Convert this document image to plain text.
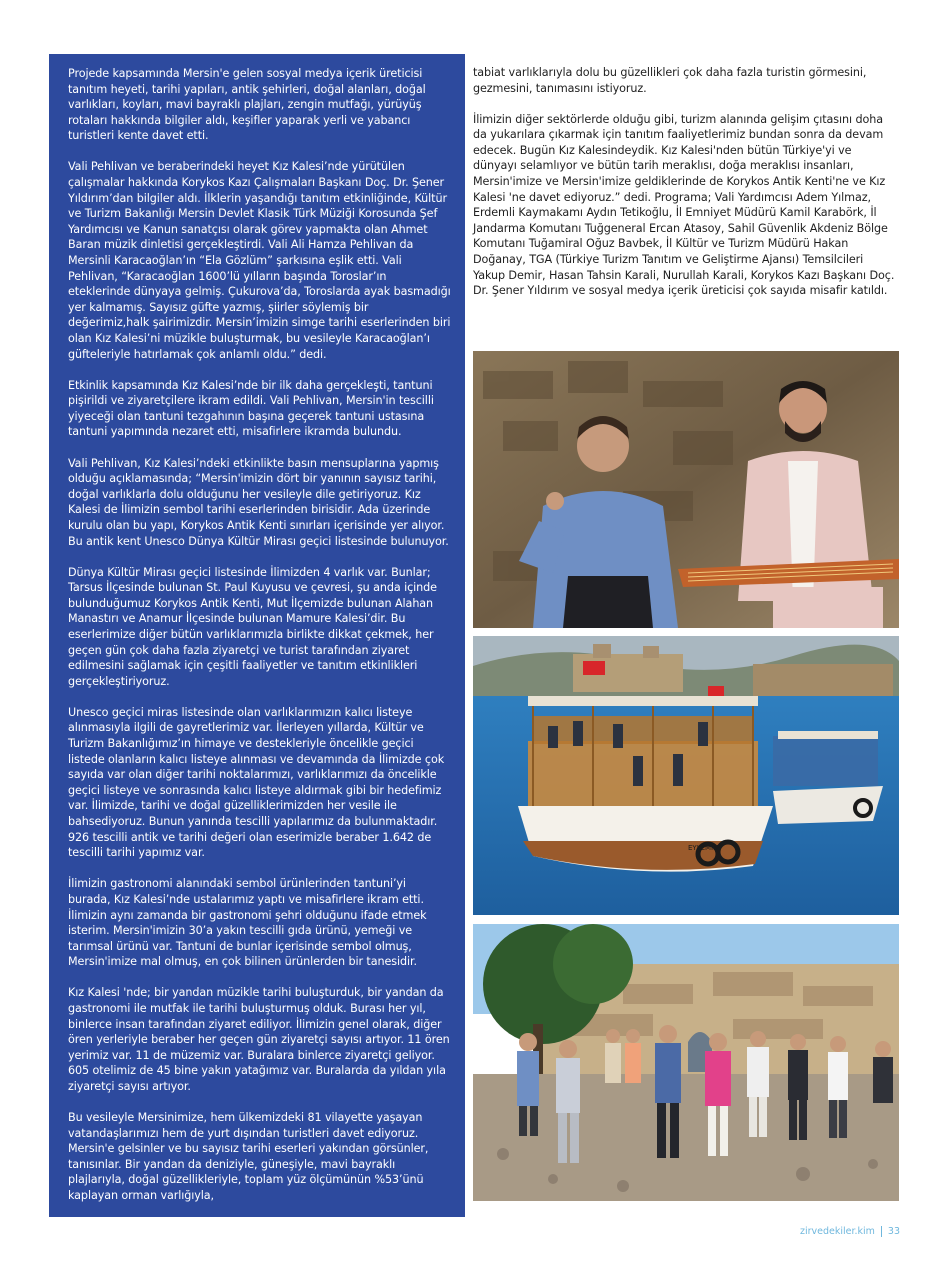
Projede kapsamında Mersin'e gelen sosyal medya içerik üreticisi tanıtım heyeti, tarihi yapıları, antik şehirleri, doğal alanları, doğal varlıkları, koyları, mavi bayraklı plajları, zengin mutfağı, yürüyüş rotaları hakkında bilgiler aldı, keşifler yaparak yerli ve yabancı turistleri kente davet etti.

Vali Pehlivan ve beraberindeki heyet Kız Kalesi’nde yürütülen çalışmalar hakkında Korykos Kazı Çalışmaları Başkanı Doç. Dr. Şener Yıldırım’dan bilgiler aldı. İlklerin yaşandığı tanıtım etkinliğinde, Kültür ve Turizm Bakanlığı Mersin Devlet Klasik Türk Müziği Korosunda Şef Yardımcısı ve Kanun sanatçısı olarak görev yapmakta olan Ahmet Baran müzik dinletisi gerçekleştirdi. Vali Ali Hamza Pehlivan da Mersinli Karacaoğlan’ın “Ela Gözlüm” şarkısına eşlik etti. Vali Pehlivan, “Karacaoğlan 1600’lü yılların başında Toroslar’ın eteklerinde dünyaya gelmiş. Çukurova’da, Toroslarda ayak basmadığı yer kalmamış. Sayısız güfte yazmış, şiirler söylemiş bir değerimiz,halk şairimizdir. Mersin’imizin simge tarihi eserlerinden biri olan Kız Kalesi’ni müzikle buluşturmak, bu vesileyle Karacaoğlan’ı güfteleriyle hatırlamak çok anlamlı oldu.” dedi.

Etkinlik kapsamında Kız Kalesi’nde bir ilk daha gerçekleşti, tantuni pişirildi ve ziyaretçilere ikram edildi. Vali Pehlivan, Mersin'in tescilli yiyeceği olan tantuni tezgahının başına geçerek tantuni ustasına tantuni yapımında nezaret etti, misafirlere ikramda bulundu.

Vali Pehlivan, Kız Kalesi’ndeki etkinlikte basın mensuplarına yapmış olduğu açıklamasında; “Mersin'imizin dört bir yanının sayısız tarihi, doğal varlıklarla dolu olduğunu her vesileyle dile getiriyoruz. Kız Kalesi de İlimizin sembol tarihi eserlerinden birisidir. Ada üzerinde kurulu olan bu yapı, Korykos Antik Kenti sınırları içerisinde yer alıyor. Bu antik kent Unesco Dünya Kültür Mirası geçici listesinde bulunuyor.

Dünya Kültür Mirası geçici listesinde İlimizden 4 varlık var. Bunlar; Tarsus İlçesinde bulunan St. Paul Kuyusu ve çevresi, şu anda içinde bulunduğumuz Korykos Antik Kenti, Mut İlçemizde bulunan Alahan Manastırı ve Anamur İlçesinde bulunan Mamure Kalesi’dir. Bu eserlerimize diğer bütün varlıklarımızla birlikte dikkat çekmek, her geçen gün çok daha fazla ziyaretçi ve turist tarafından ziyaret edilmesini sağlamak için çeşitli faaliyetler ve tanıtım etkinlikleri gerçekleştiriyoruz.

Unesco geçici miras listesinde olan varlıklarımızın kalıcı listeye alınmasıyla ilgili de gayretlerimiz var. İlerleyen yıllarda, Kültür ve Turizm Bakanlığımız’ın himaye ve destekleriyle öncelikle geçici listede olanların kalıcı listeye alınması ve devamında da İlimizde çok sayıda var olan diğer tarihi noktalarımızı, varlıklarımızı da öncelikle geçici listeye ve sonrasında kalıcı listeye aldırmak gibi bir hedefimiz var. İlimizde, tarihi ve doğal güzelliklerimizden her vesile ile bahsediyoruz. Bunun yanında tescilli yapılarımız da bulunmaktadır. 926 tescilli antik ve tarihi değeri olan eserimizle beraber 1.642 de tescilli tarihi yapımız var.

İlimizin gastronomi alanındaki sembol ürünlerinden tantuni’yi burada, Kız Kalesi’nde ustalarımız yaptı ve misafirlere ikram etti. İlimizin aynı zamanda bir gastronomi şehri olduğunu ifade etmek isterim. Mersin'imizin 30’a yakın tescilli gıda ürünü, yemeği ve tarımsal ürünü var. Tantuni de bunlar içerisinde sembol olmuş, Mersin'imize mal olmuş, en çok bilinen ürünlerden bir tanesidir.

Kız Kalesi 'nde; bir yandan müzikle tarihi buluşturduk, bir yandan da gastronomi ile mutfak ile tarihi buluşturmuş olduk. Burası her yıl, binlerce insan tarafından ziyaret ediliyor. İlimizin genel olarak, diğer ören yerleriyle beraber her geçen gün ziyaretçi sayısı artıyor. 11 ören yerimiz var. 11 de müzemiz var. Buralara binlerce ziyaretçi geliyor. 605 otelimiz de 45 bine yakın yatağımız var. Buralarda da yıldan yıla ziyaretçi sayısı artıyor.

Bu vesileyle Mersinimize, hem ülkemizdeki 81 vilayette yaşayan vatandaşlarımızı hem de yurt dışından turistleri davet ediyoruz. Mersin'e gelsinler ve bu sayısız tarihi eserleri yakından görsünler, tanısınlar. Bir yandan da deniziyle, güneşiyle, mavi bayraklı plajlarıyla, doğal güzellikleriyle, toplam yüz ölçümünün %53’ünü kaplayan orman varlığıyla,

tabiat varlıklarıyla dolu bu güzellikleri çok daha fazla turistin görmesini, gezmesini, tanımasını istiyoruz.

İlimizin diğer sektörlerde olduğu gibi, turizm alanında gelişim çıtasını doha da yukarılara çıkarmak için tanıtım faaliyetlerimiz bundan sonra da devam edecek. Bugün Kız Kalesindeydik. Kız Kalesi'nden bütün Türkiye'yi ve dünyayı selamlıyor ve bütün tarih meraklısı, doğa meraklısı insanları, Mersin'imize ve Mersin'imize geldiklerinde de Korykos Antik Kenti'ne ve Kız Kalesi 'ne davet ediyoruz.” dedi. Programa; Vali Yardımcısı Adem Yılmaz, Erdemli Kaymakamı Aydın Tetikoğlu, İl Emniyet Müdürü Kamil Karabörk, İl Jandarma Komutanı Tuğgeneral Ercan Atasoy, Sahil Güvenlik Akdeniz Bölge Komutanı Tuğamiral Oğuz Bavbek, İl Kültür ve Turizm Müdürü Hakan Doğanay, TGA (Türkiye Turizm Tanıtım ve Geliştirme Ajansı) Temsilcileri Yakup Demir, Hasan Tahsin Karali, Nurullah Karali, Korykos Kazı Başkanı Doç. Dr. Şener Yıldırım ve sosyal medya içerik üreticisi çok sayıda misafir katıldı.

EYLEMİN
zirvedekiler.kim 33
